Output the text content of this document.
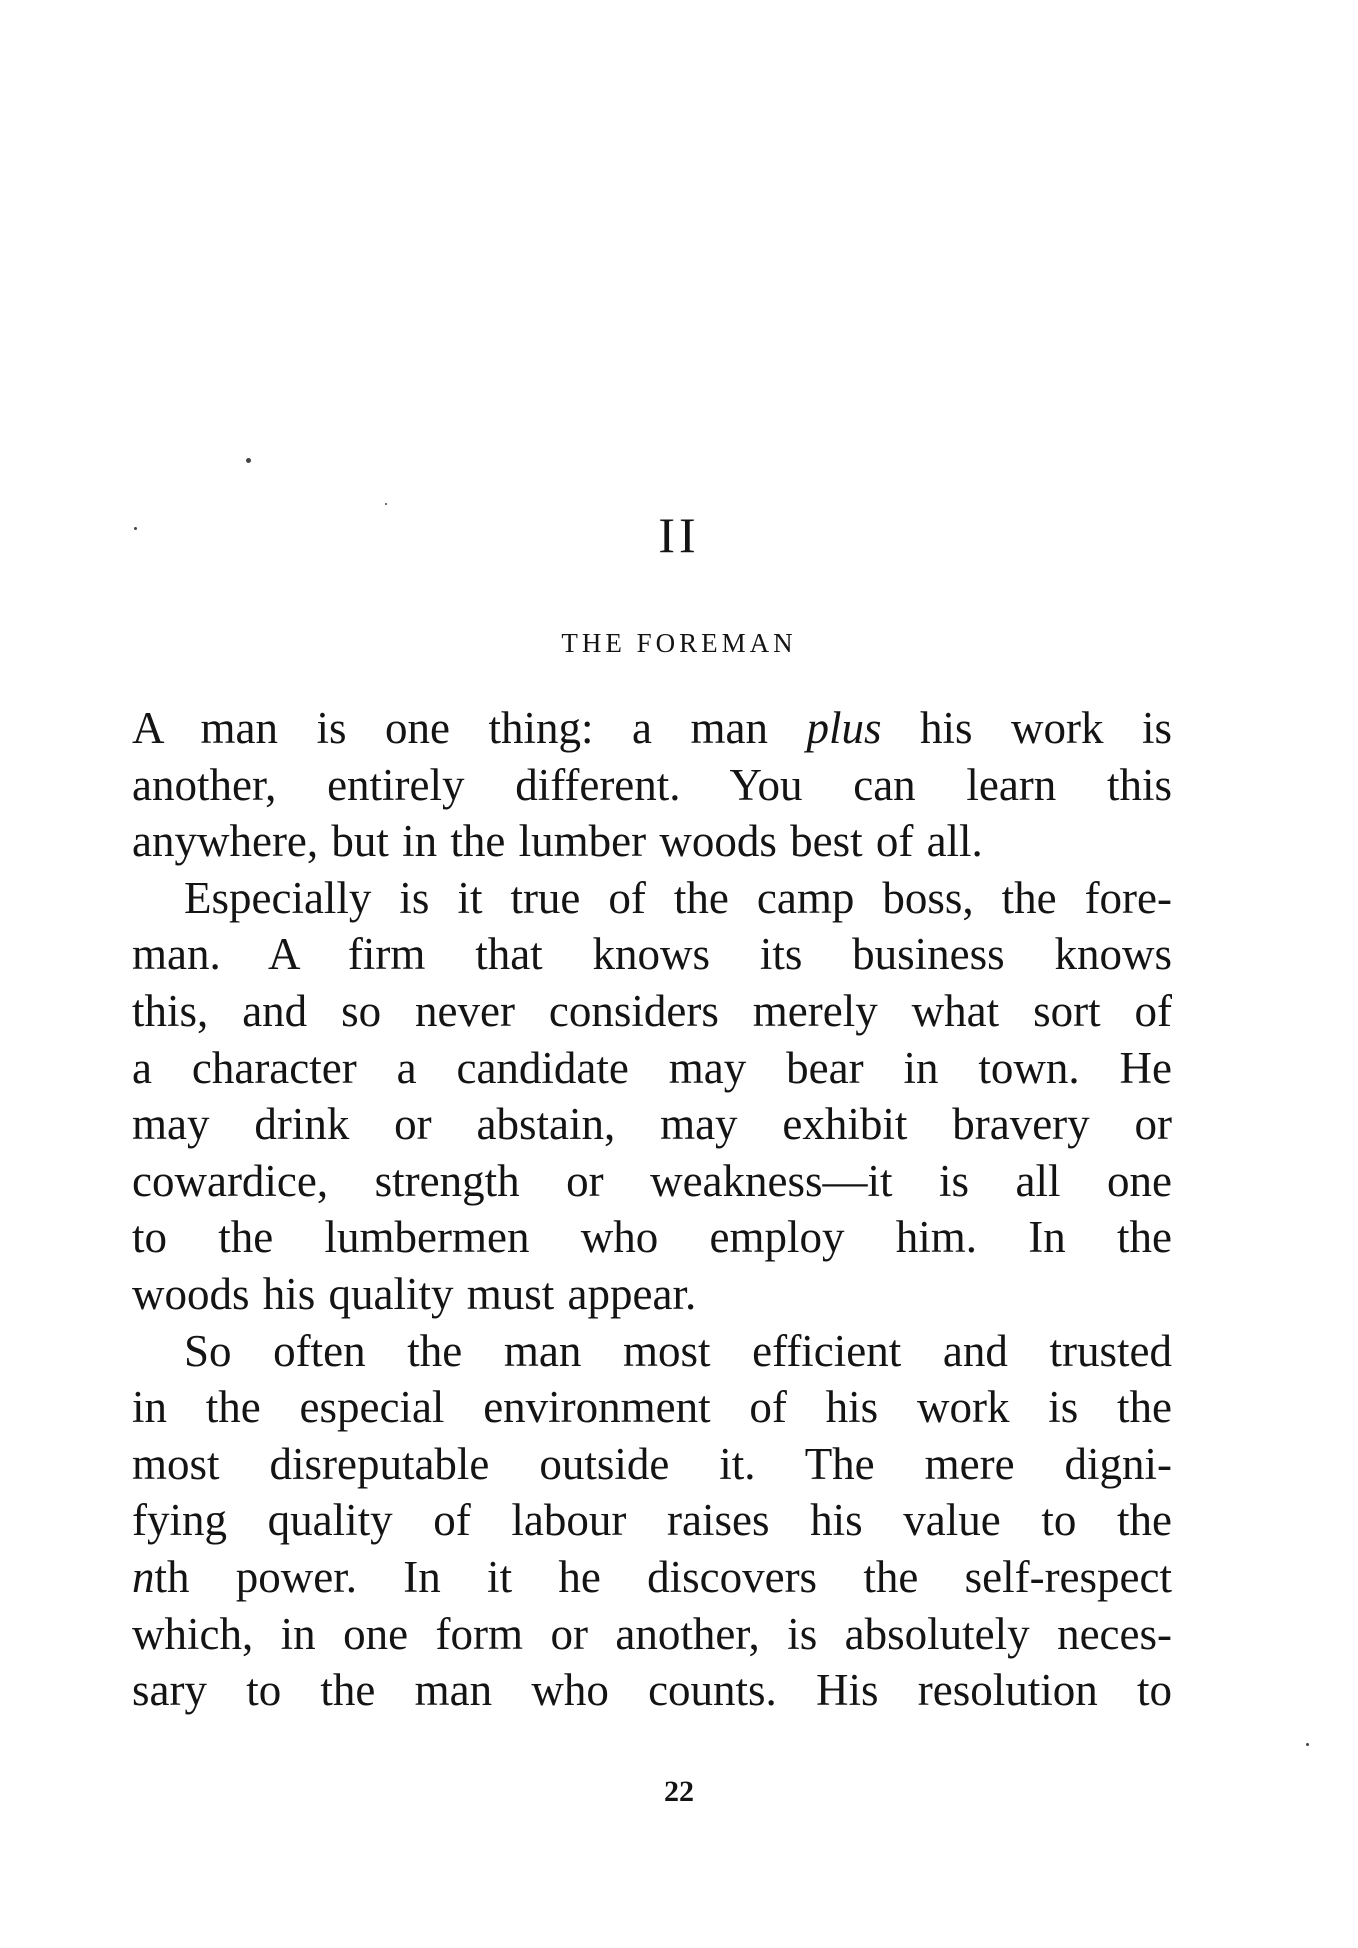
II
THE FOREMAN
A man is one thing: a man plus his work is
another, entirely different. You can learn this
anywhere, but in the lumber woods best of all.
Especially is it true of the camp boss, the fore-
man. A firm that knows its business knows
this, and so never considers merely what sort of
a character a candidate may bear in town. He
may drink or abstain, may exhibit bravery or
cowardice, strength or weakness—it is all one
to the lumbermen who employ him. In the
woods his quality must appear.
So often the man most efficient and trusted
in the especial environment of his work is the
most disreputable outside it. The mere digni-
fying quality of labour raises his value to the
nth power. In it he discovers the self-respect
which, in one form or another, is absolutely neces-
sary to the man who counts. His resolution to
22
